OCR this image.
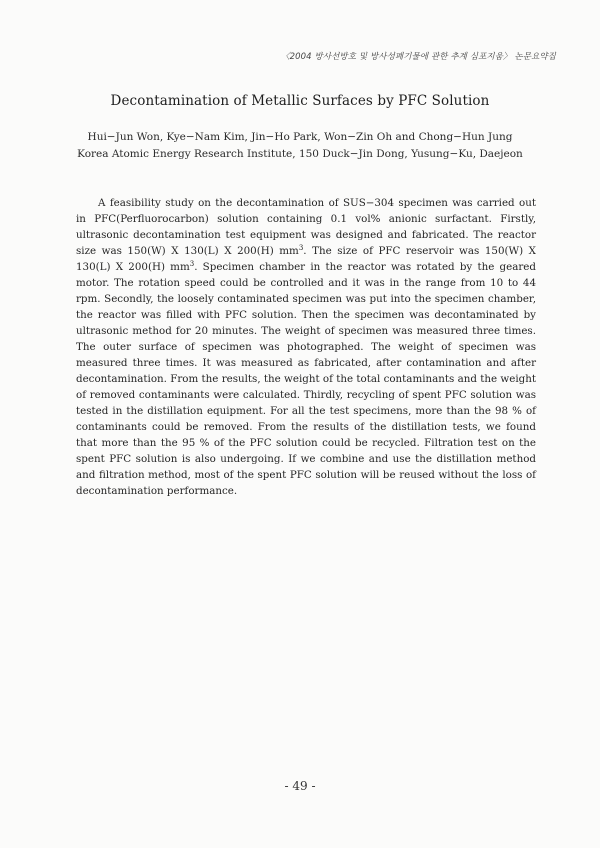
〈2004 방사선방호 및 방사성폐기물에 관한 추계 심포지움〉 논문요약집
Decontamination of Metallic Surfaces by PFC Solution
Hui−Jun Won, Kye−Nam Kim, Jin−Ho Park, Won−Zin Oh and Chong−Hun Jung
Korea Atomic Energy Research Institute, 150 Duck−Jin Dong, Yusung−Ku, Daejeon

A feasibility study on the decontamination of SUS−304 specimen was carried out in PFC(Perfluorocarbon) solution containing 0.1 vol% anionic surfactant. Firstly, ultrasonic decontamination test equipment was designed and fabricated. The reactor size was 150(W) X 130(L) X 200(H) $mm^3$. The size of PFC reservoir was 150(W) X 130(L) X 200(H) $mm^3$. Specimen chamber in the reactor was rotated by the geared motor. The rotation speed could be controlled and it was in the range from 10 to 44 rpm. Secondly, the loosely contaminated specimen was put into the specimen chamber, the reactor was filled with PFC solution. Then the specimen was decontaminated by ultrasonic method for 20 minutes. The weight of specimen was measured three times. The outer surface of specimen was photographed. The weight of specimen was measured three times. It was measured as fabricated, after contamination and after decontamination. From the results, the weight of the total contaminants and the weight of removed contaminants were calculated. Thirdly, recycling of spent PFC solution was tested in the distillation equipment. For all the test specimens, more than the 98 % of contaminants could be removed. From the results of the distillation tests, we found that more than the 95 % of the PFC solution could be recycled. Filtration test on the spent PFC solution is also undergoing. If we combine and use the distillation method and filtration method, most of the spent PFC solution will be reused without the loss of decontamination performance.

- 49 -
